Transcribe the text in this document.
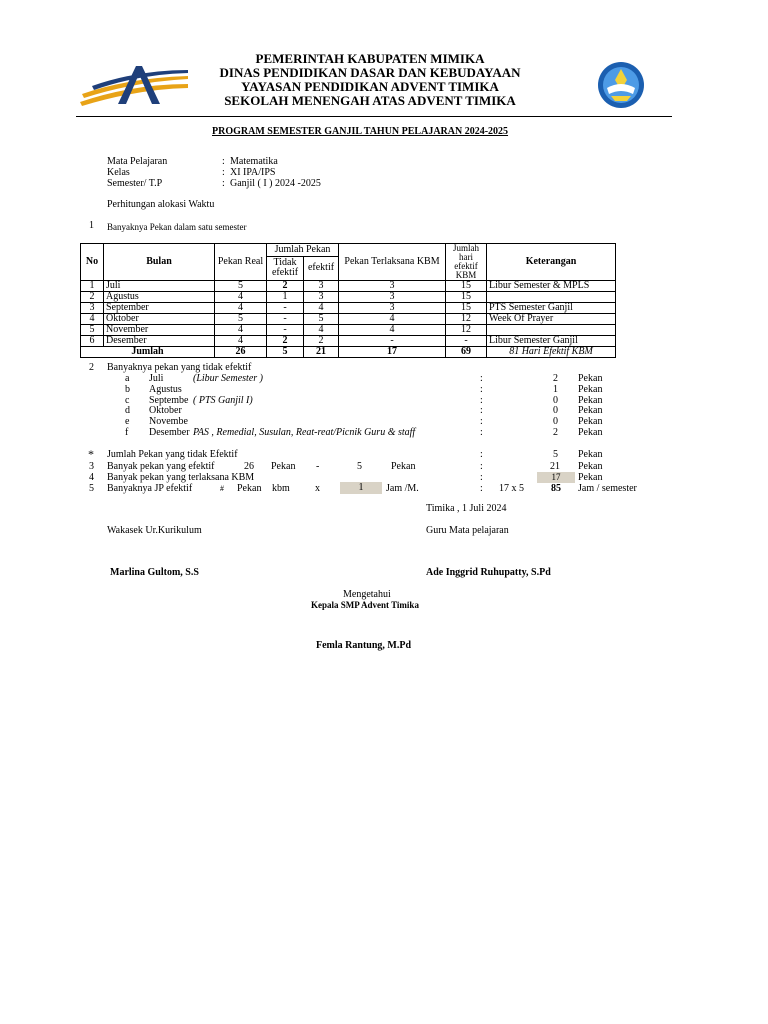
PEMERINTAH KABUPATEN MIMIKA
DINAS PENDIDIKAN DASAR DAN KEBUDAYAAN
YAYASAN PENDIDIKAN ADVENT TIMIKA
SEKOLAH MENENGAH ATAS ADVENT TIMIKA
PROGRAM SEMESTER GANJIL TAHUN PELAJARAN 2024-2025
Mata Pelajaran	: Matematika
Kelas	: XI IPA/IPS
Semester/ T.P	: Ganjil ( I ) 2024 -2025
Perhitungan alokasi Waktu
1 Banyaknya Pekan dalam satu semester
No	Bulan	Pekan Real	Jumlah Pekan		Pekan Terlaksana KBM	Jumlah hari efektif KBM	Keterangan
			Tidak efektif	efektif			
1	Juli	5	2	3	3	15	Libur Semester & MPLS
2	Agustus	4	1	3	3	15	
3	September	4	-	4	3	15	PTS Semester Ganjil
4	Oktober	5	-	5	4	12	Week Of Prayer
5	November	4	-	4	4	12	
6	Desember	4	2	2	-	-	Libur Semester Ganjil
Jumlah		26	5	21	17	69	81 Hari Efektif KBM
2 Banyaknya pekan yang tidak efektif
a Juli	(Libur Semester )	:	2 Pekan
b Agustus	:	1 Pekan
c Septembe ( PTS Ganjil I)	:	0 Pekan
d Oktober	:	0 Pekan
e Novembe	:	0 Pekan
f Desember PAS , Remedial, Susulan, Reat-reat/Picnik Guru & staff	:	2 Pekan
* Jumlah Pekan yang tidak Efektif	:	5 Pekan
3 Banyak pekan yang efektif	26 Pekan -	5	Pekan	:	21 Pekan
4 Banyak pekan yang terlaksana KBM	:	17	Pekan
5 Banyaknya JP efektif	# Pekan kbm	x	1	Jam /M.	: 17 x 5	85 Jam / semester
Timika , 1 Juli 2024
Wakasek Ur.Kurikulum	Guru Mata pelajaran
Marlina Gultom, S.S	Ade Inggrid Ruhupatty, S.Pd
Mengetahui
Kepala SMP Advent Timika
Femla Rantung, M.Pd
